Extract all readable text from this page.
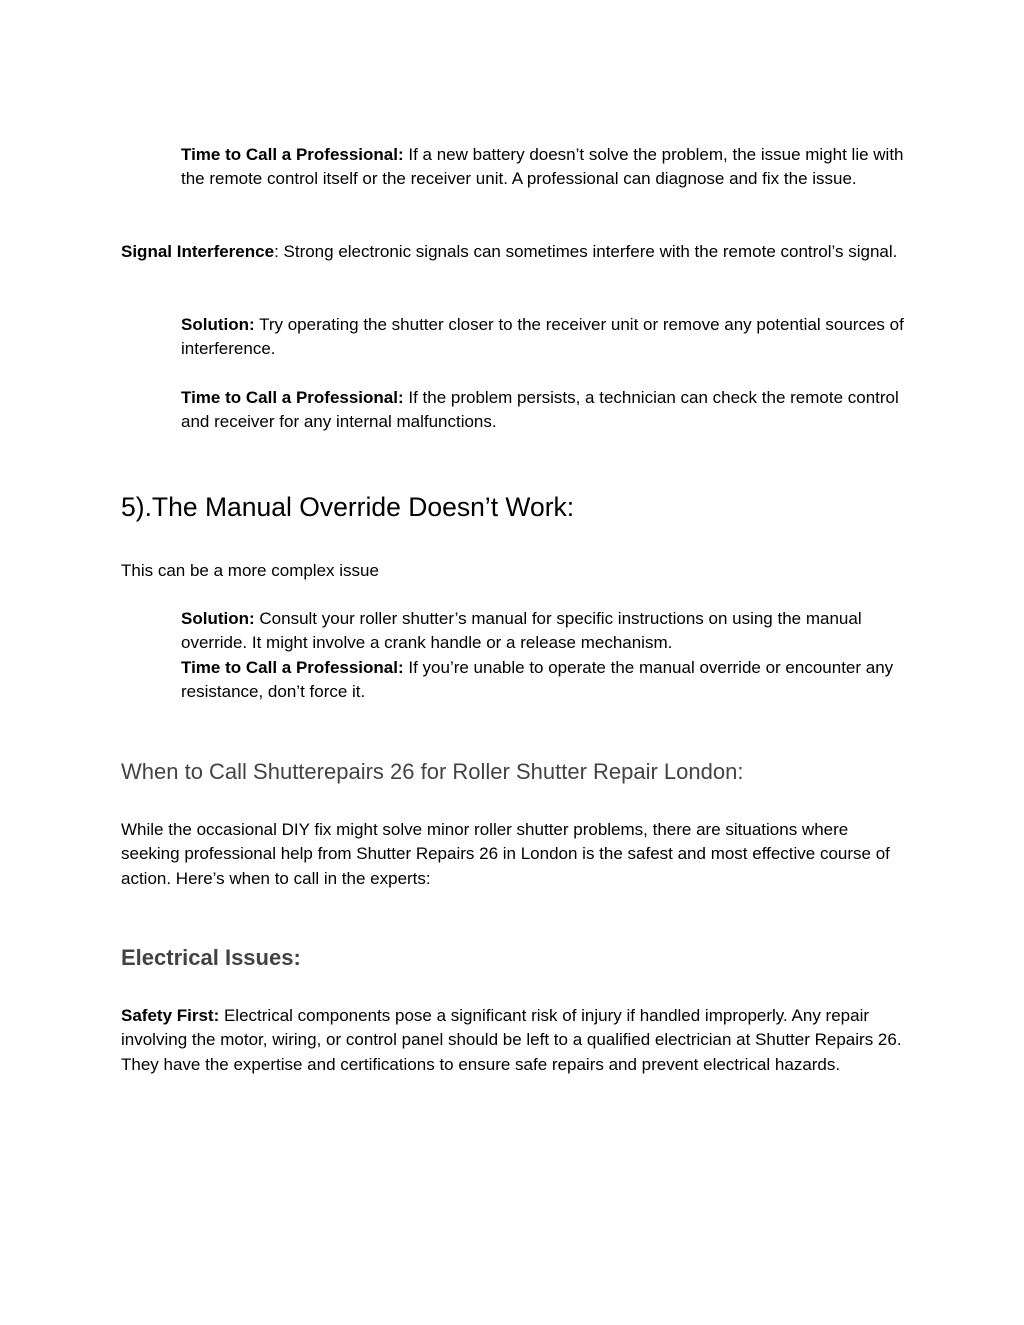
Time to Call a Professional: If a new battery doesn’t solve the problem, the issue might lie with the remote control itself or the receiver unit. A professional can diagnose and fix the issue.

Signal Interference: Strong electronic signals can sometimes interfere with the remote control’s signal.

Solution: Try operating the shutter closer to the receiver unit or remove any potential sources of interference.

Time to Call a Professional: If the problem persists, a technician can check the remote control and receiver for any internal malfunctions.

5).The Manual Override Doesn’t Work:

This can be a more complex issue

Solution: Consult your roller shutter’s manual for specific instructions on using the manual override. It might involve a crank handle or a release mechanism.
Time to Call a Professional: If you’re unable to operate the manual override or encounter any resistance, don’t force it.

When to Call Shutterepairs 26 for Roller Shutter Repair London:

While the occasional DIY fix might solve minor roller shutter problems, there are situations where seeking professional help from Shutter Repairs 26 in London is the safest and most effective course of action. Here’s when to call in the experts:

Electrical Issues:

Safety First: Electrical components pose a significant risk of injury if handled improperly. Any repair involving the motor, wiring, or control panel should be left to a qualified electrician at Shutter Repairs 26. They have the expertise and certifications to ensure safe repairs and prevent electrical hazards.
